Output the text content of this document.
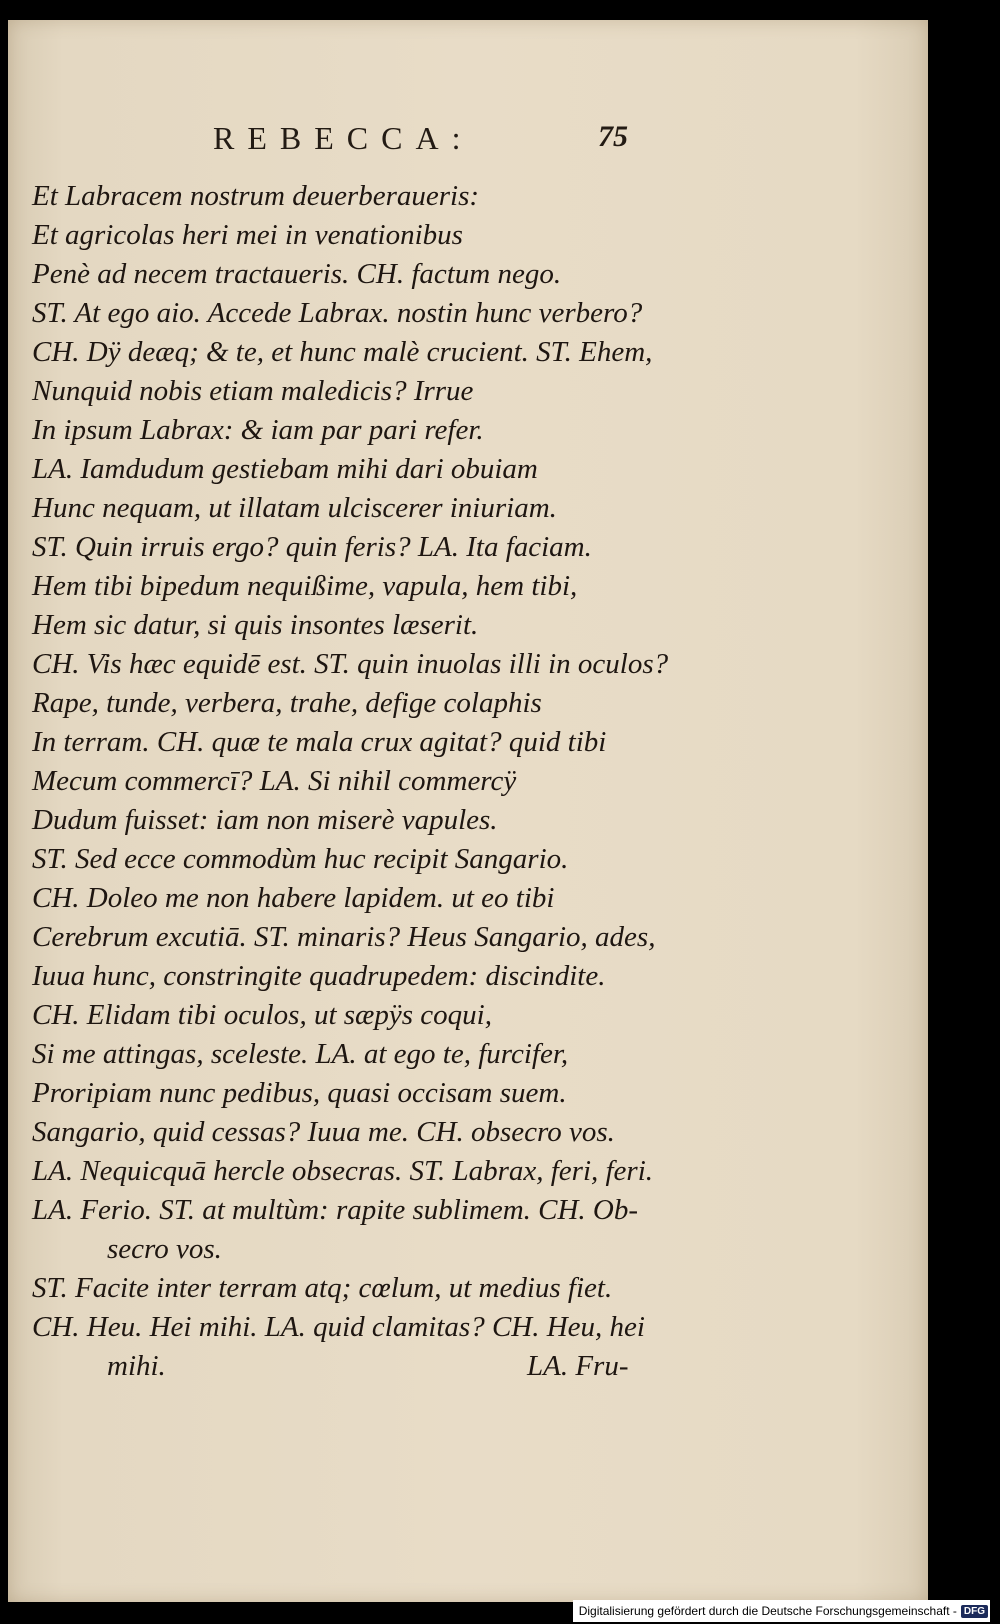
REBECCA:	75
Et Labracem nostrum deuerberaueris:
Et agricolas heri mei in venationibus
Penè ad necem tractaueris. CH. factum nego.
ST. At ego aio. Accede Labrax. nostin hunc verbero?
CH. Dÿ deæq; & te, et hunc malè crucient. ST. Ehem,
Nunquid nobis etiam maledicis? Irrue
In ipsum Labrax: & iam par pari refer.
LA. Iamdudum gestiebam mihi dari obuiam
Hunc nequam, ut illatam ulciscerer iniuriam.
ST. Quin irruis ergo? quin feris? LA. Ita faciam.
Hem tibi bipedum nequißime, vapula, hem tibi,
Hem sic datur, si quis insontes læserit.
CH. Vis hæc equidē est. ST. quin inuolas illi in oculos?
Rape, tunde, verbera, trahe, defige colaphis
In terram. CH. quæ te mala crux agitat? quid tibi
Mecum commercī? LA. Si nihil commercÿ
Dudum fuisset: iam non miserè vapules.
ST. Sed ecce commodùm huc recipit Sangario.
CH. Doleo me non habere lapidem. ut eo tibi
Cerebrum excutiā. ST. minaris? Heus Sangario, ades,
Iuua hunc, constringite quadrupedem: discindite.
CH. Elidam tibi oculos, ut sæpÿs coqui,
Si me attingas, sceleste. LA. at ego te, furcifer,
Proripiam nunc pedibus, quasi occisam suem.
Sangario, quid cessas? Iuua me. CH. obsecro vos.
LA. Nequicquā hercle obsecras. ST. Labrax, feri, feri.
LA. Ferio. ST. at multùm: rapite sublimem. CH. Ob-
secro vos.
ST. Facite inter terram atq; cœlum, ut medius fiet.
CH. Heu. Hei mihi. LA. quid clamitas? CH. Heu, hei
mihi.	LA. Fru-
Digitalisierung gefördert durch die Deutsche Forschungsgemeinschaft - DFG
